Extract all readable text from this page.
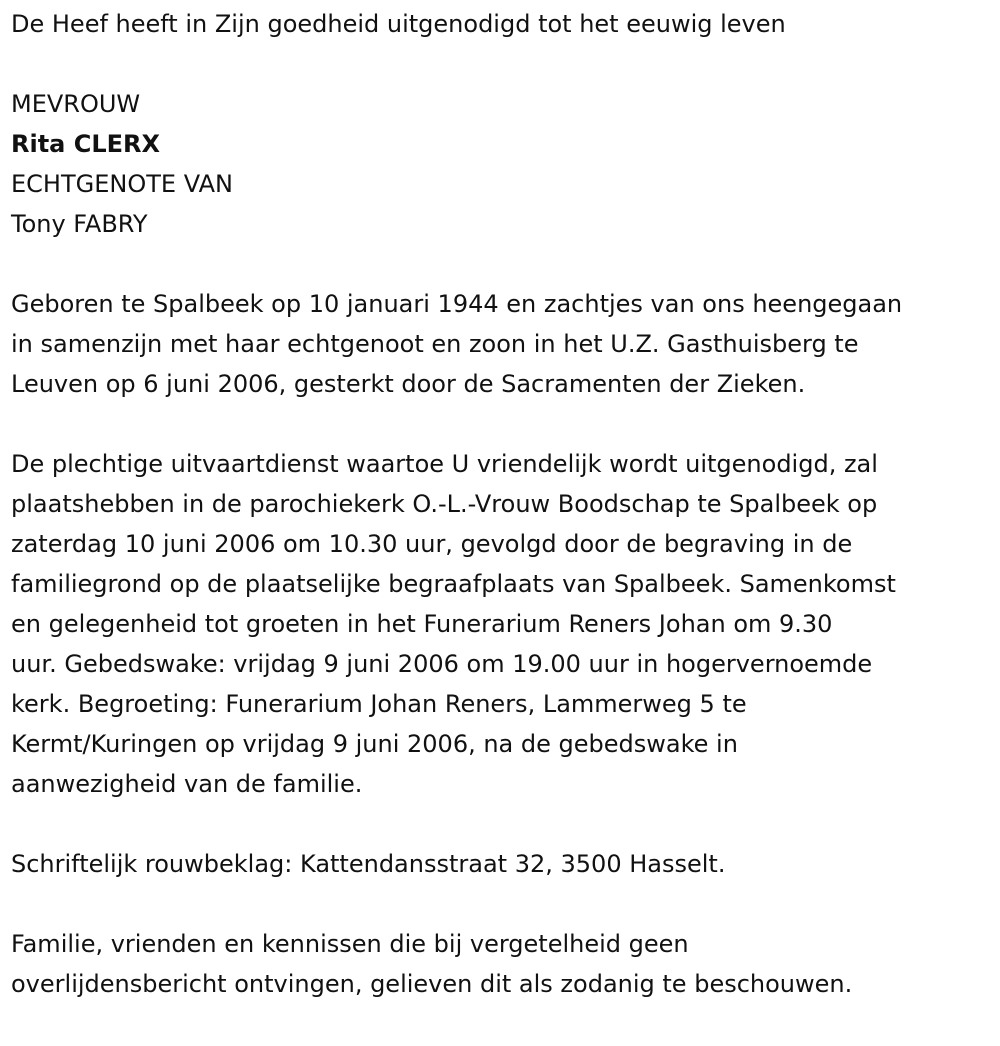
De Heef heeft in Zijn goedheid uitgenodigd tot het eeuwig leven
MEVROUW
Rita CLERX
ECHTGENOTE VAN
Tony FABRY
Geboren te Spalbeek op 10 januari 1944 en zachtjes van ons heengegaan
in samenzijn met haar echtgenoot en zoon in het U.Z. Gasthuisberg te
Leuven op 6 juni 2006, gesterkt door de Sacramenten der Zieken.
De plechtige uitvaartdienst waartoe U vriendelijk wordt uitgenodigd, zal
plaatshebben in de parochiekerk O.-L.-Vrouw Boodschap te Spalbeek op
zaterdag 10 juni 2006 om 10.30 uur, gevolgd door de begraving in de
familiegrond op de plaatselijke begraafplaats van Spalbeek. Samenkomst
en gelegenheid tot groeten in het Funerarium Reners Johan om 9.30
uur. Gebedswake: vrijdag 9 juni 2006 om 19.00 uur in hogervernoemde
kerk. Begroeting: Funerarium Johan Reners, Lammerweg 5 te
Kermt/Kuringen op vrijdag 9 juni 2006, na de gebedswake in
aanwezigheid van de familie.
Schriftelijk rouwbeklag: Kattendansstraat 32, 3500 Hasselt.
Familie, vrienden en kennissen die bij vergetelheid geen
overlijdensbericht ontvingen, gelieven dit als zodanig te beschouwen.
